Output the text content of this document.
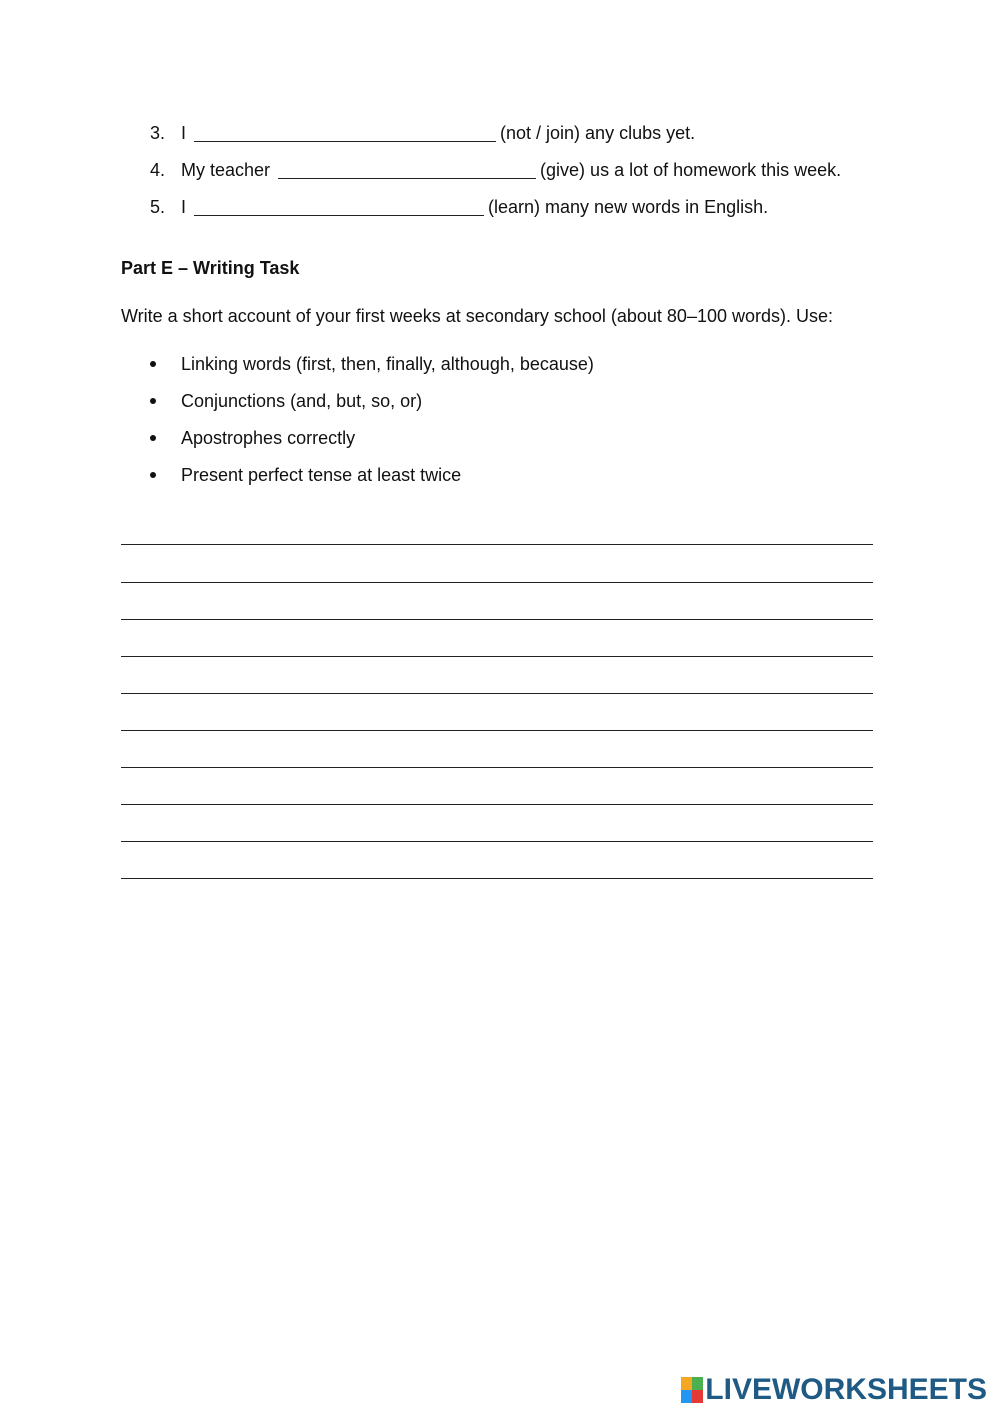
3. I	(not / join) any clubs yet.
4. My teacher	(give) us a lot of homework this week.
5. I	(learn) many new words in English.
Part E – Writing Task
Write a short account of your first weeks at secondary school (about 80–100 words). Use:
Linking words (first, then, finally, although, because)
Conjunctions (and, but, so, or)
Apostrophes correctly
Present perfect tense at least twice
LIVEWORKSHEETS
